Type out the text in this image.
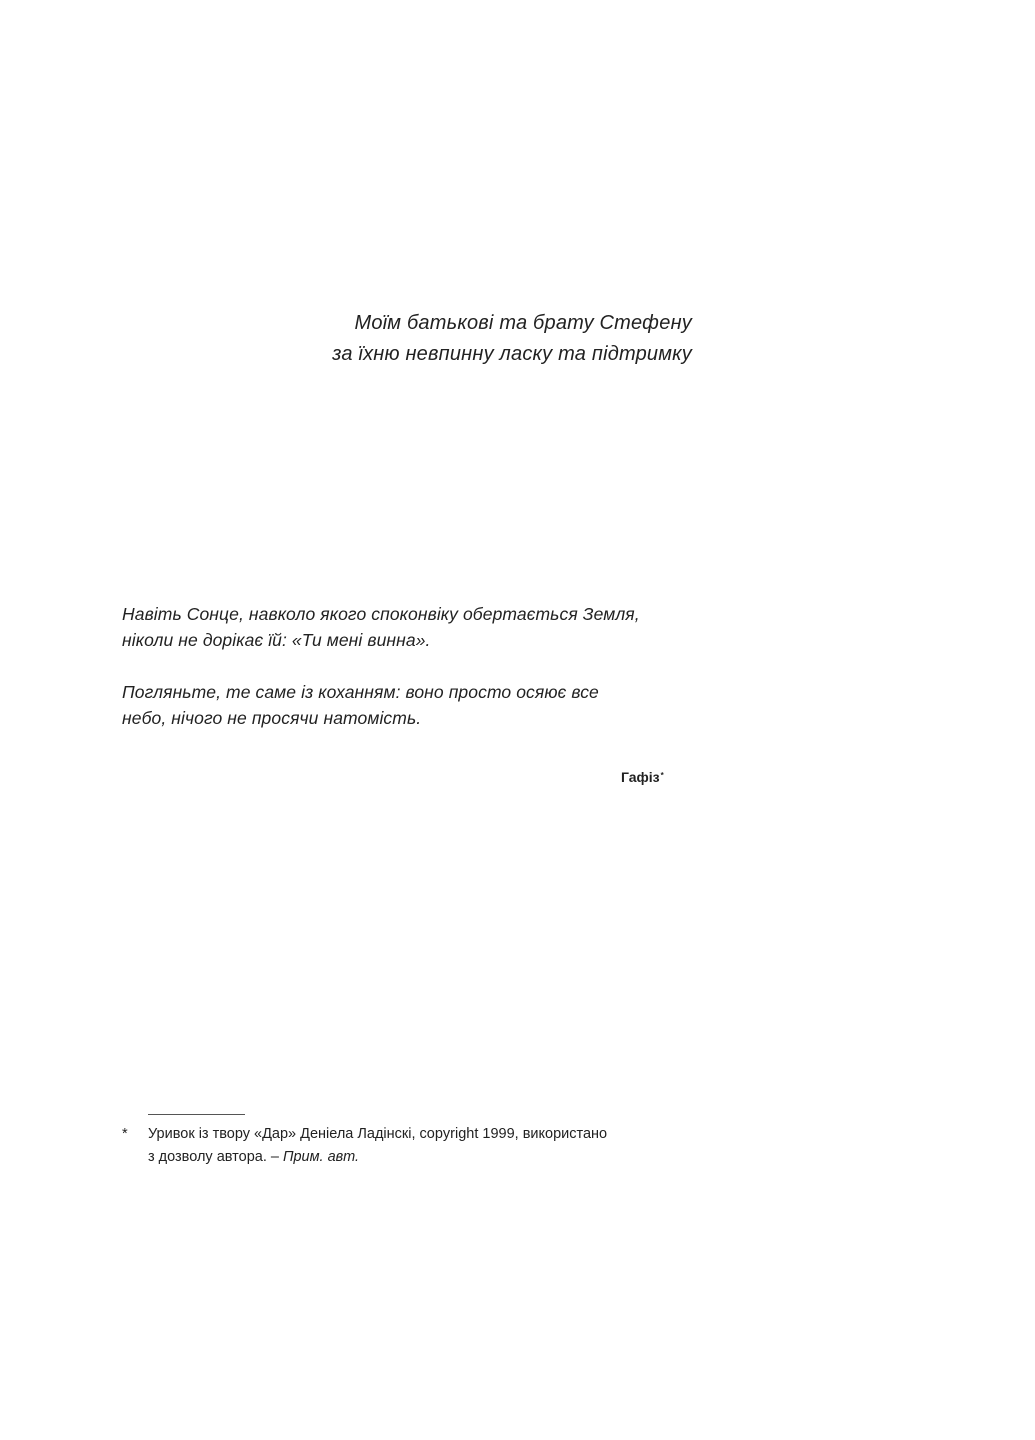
Моїм батькові та брату Стефену
за їхню невпинну ласку та підтримку
Навіть Сонце, навколо якого споконвіку обертається Земля,
ніколи не дорікає їй: «Ти мені винна».
Погляньте, те саме із коханням: воно просто осяює все
небо, нічого не просячи натомість.
Гафіз*
* Уривок із твору «Дар» Деніела Ладінскі, copyright 1999, використано
з дозволу автора. – Прим. авт.
